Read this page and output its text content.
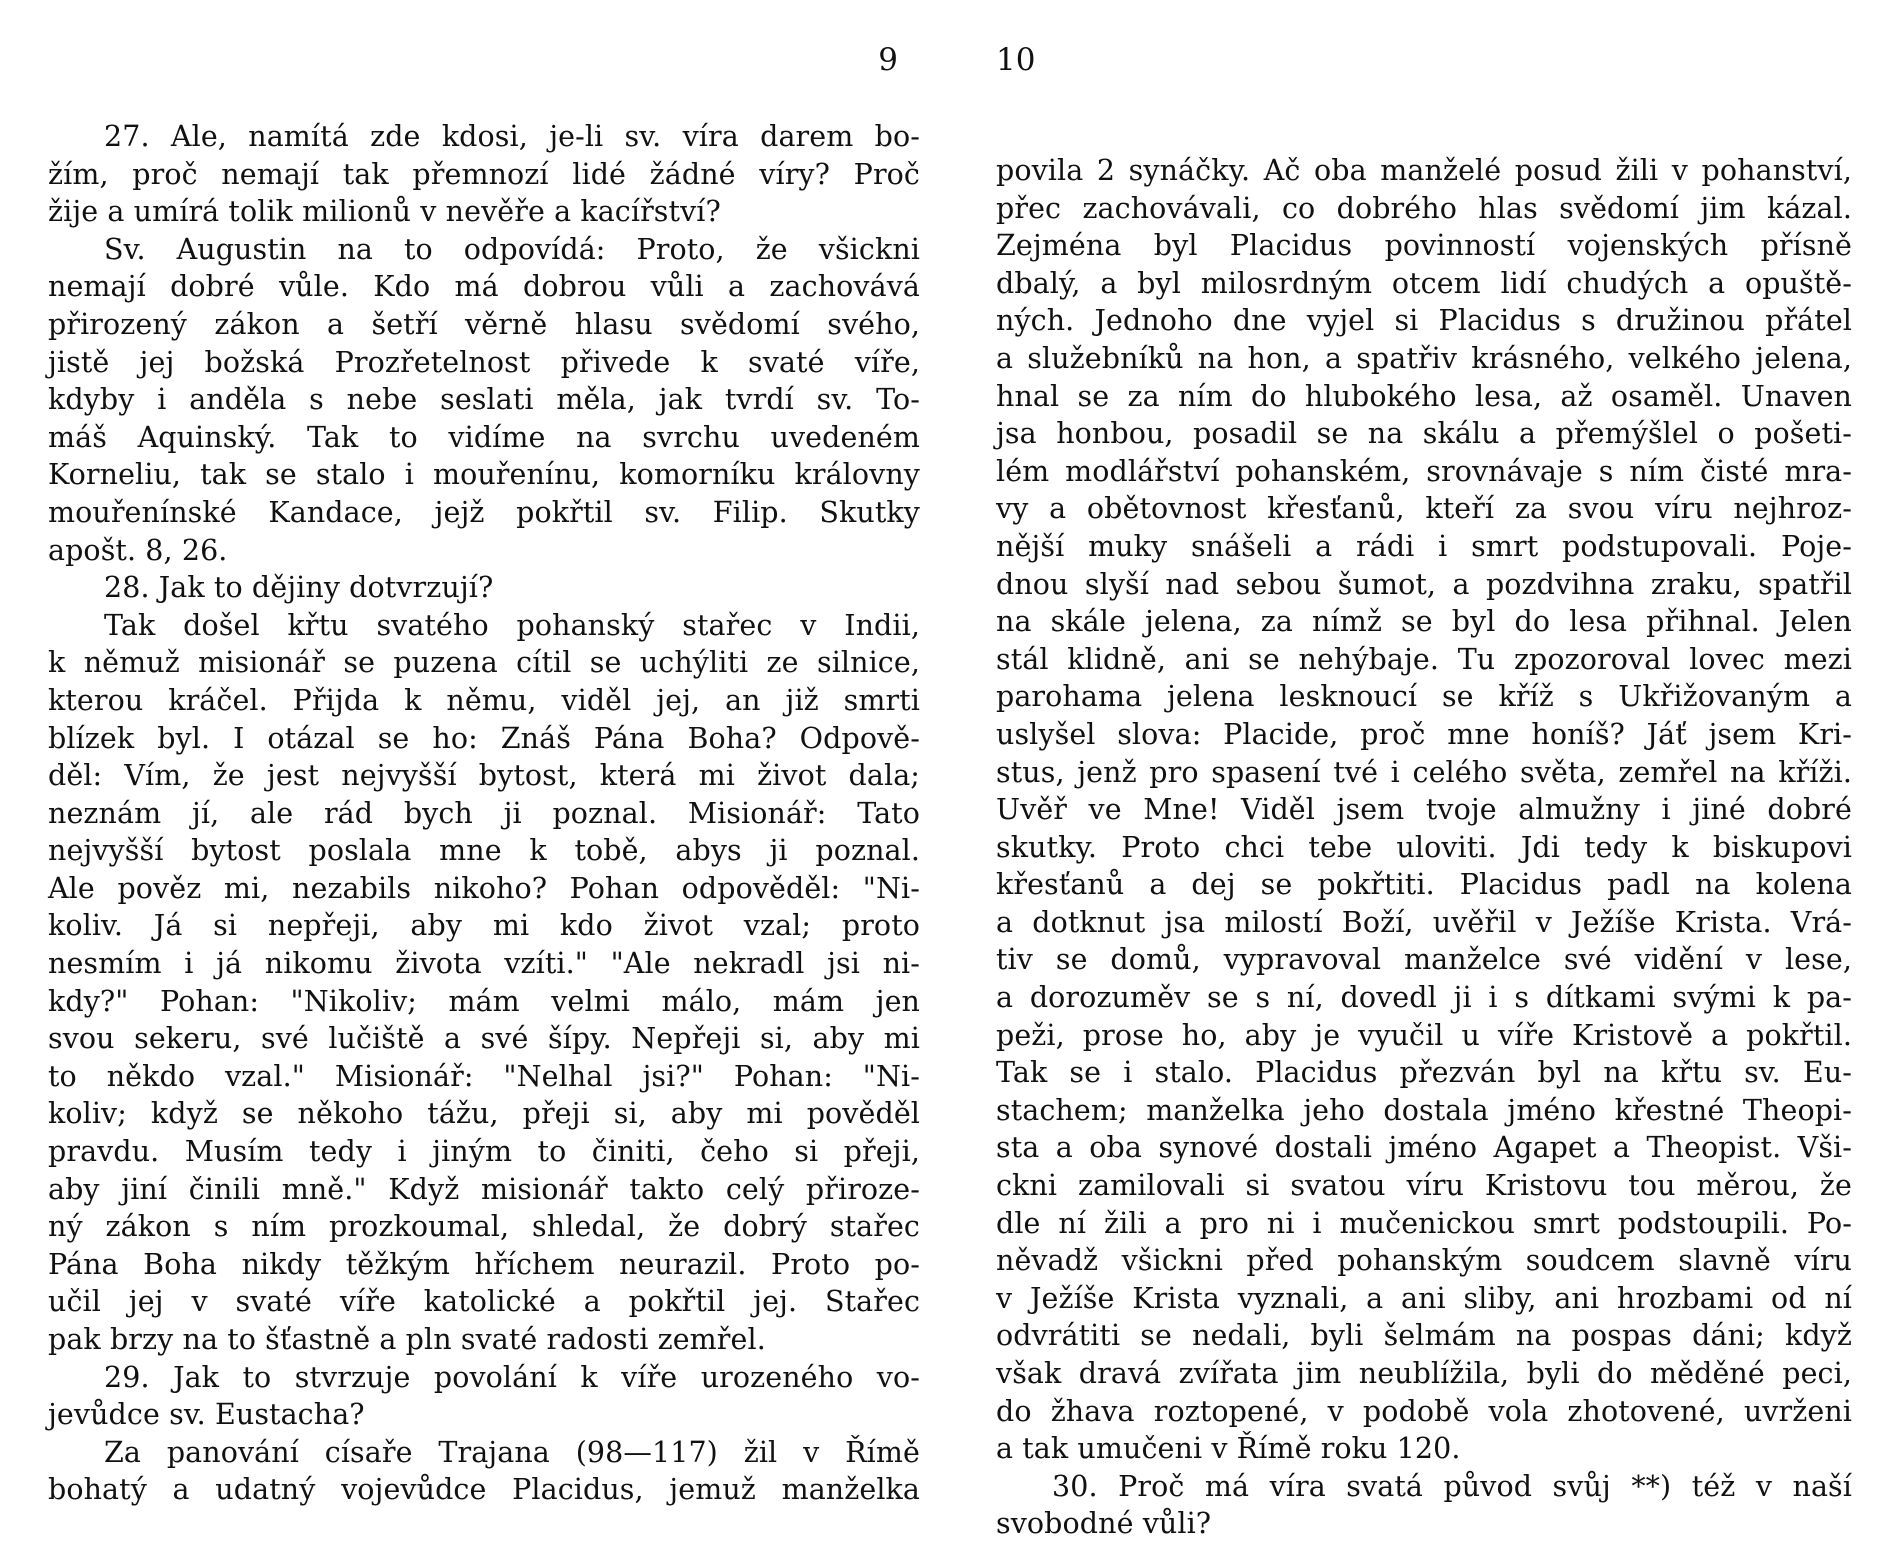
9
27. Ale, namítá zde kdosi, je-li sv. víra darem bo-
žím, proč nemají tak přemnozí lidé žádné víry? Proč
žije a umírá tolik milionů v nevěře a kacířství?
Sv. Augustin na to odpovídá: Proto, že všickni
nemají dobré vůle. Kdo má dobrou vůli a zachovává
přirozený zákon a šetří věrně hlasu svědomí svého,
jistě jej božská Prozřetelnost přivede k svaté víře,
kdyby i anděla s nebe seslati měla, jak tvrdí sv. To-
máš Aquinský. Tak to vidíme na svrchu uvedeném
Korneliu, tak se stalo i mouřenínu, komorníku královny
mouřenínské Kandace, jejž pokřtil sv. Filip. Skutky
apošt. 8, 26.
28. Jak to dějiny dotvrzují?
Tak došel křtu svatého pohanský stařec v Indii,
k němuž misionář se puzena cítil se uchýliti ze silnice,
kterou kráčel. Přijda k němu, viděl jej, an již smrti
blízek byl. I otázal se ho: Znáš Pána Boha? Odpově-
děl: Vím, že jest nejvyšší bytost, která mi život dala;
neznám jí, ale rád bych ji poznal. Misionář: Tato
nejvyšší bytost poslala mne k tobě, abys ji poznal.
Ale pověz mi, nezabils nikoho? Pohan odpověděl: "Ni-
koliv. Já si nepřeji, aby mi kdo život vzal; proto
nesmím i já nikomu života vzíti." "Ale nekradl jsi ni-
kdy?" Pohan: "Nikoliv; mám velmi málo, mám jen
svou sekeru, své lučiště a své šípy. Nepřeji si, aby mi
to někdo vzal." Misionář: "Nelhal jsi?" Pohan: "Ni-
koliv; když se někoho tážu, přeji si, aby mi pověděl
pravdu. Musím tedy i jiným to činiti, čeho si přeji,
aby jiní činili mně." Když misionář takto celý přiroze-
ný zákon s ním prozkoumal, shledal, že dobrý stařec
Pána Boha nikdy těžkým hříchem neurazil. Proto po-
učil jej v svaté víře katolické a pokřtil jej. Stařec
pak brzy na to šťastně a pln svaté radosti zemřel.
29. Jak to stvrzuje povolání k víře urozeného vo-
jevůdce sv. Eustacha?
Za panování císaře Trajana (98—117) žil v Římě
bohatý a udatný vojevůdce Placidus, jemuž manželka
10
povila 2 synáčky. Ač oba manželé posud žili v pohanství,
přec zachovávali, co dobrého hlas svědomí jim kázal.
Zejména byl Placidus povinností vojenských přísně
dbalý, a byl milosrdným otcem lidí chudých a opuště-
ných. Jednoho dne vyjel si Placidus s družinou přátel
a služebníků na hon, a spatřiv krásného, velkého jelena,
hnal se za ním do hlubokého lesa, až osaměl. Unaven
jsa honbou, posadil se na skálu a přemýšlel o pošeti-
lém modlářství pohanském, srovnávaje s ním čisté mra-
vy a obětovnost křesťanů, kteří za svou víru nejhroz-
nější muky snášeli a rádi i smrt podstupovali. Poje-
dnou slyší nad sebou šumot, a pozdvihna zraku, spatřil
na skále jelena, za nímž se byl do lesa přihnal. Jelen
stál klidně, ani se nehýbaje. Tu zpozoroval lovec mezi
parohama jelena lesknoucí se kříž s Ukřižovaným a
uslyšel slova: Placide, proč mne honíš? Jáť jsem Kri-
stus, jenž pro spasení tvé i celého světa, zemřel na kříži.
Uvěř ve Mne! Viděl jsem tvoje almužny i jiné dobré
skutky. Proto chci tebe uloviti. Jdi tedy k biskupovi
křesťanů a dej se pokřtiti. Placidus padl na kolena
a dotknut jsa milostí Boží, uvěřil v Ježíše Krista. Vrá-
tiv se domů, vypravoval manželce své vidění v lese,
a dorozuměv se s ní, dovedl ji i s dítkami svými k pa-
peži, prose ho, aby je vyučil u víře Kristově a pokřtil.
Tak se i stalo. Placidus přezván byl na křtu sv. Eu-
stachem; manželka jeho dostala jméno křestné Theopi-
sta a oba synové dostali jméno Agapet a Theopist. Vši-
ckni zamilovali si svatou víru Kristovu tou měrou, že
dle ní žili a pro ni i mučenickou smrt podstoupili. Po-
něvadž všickni před pohanským soudcem slavně víru
v Ježíše Krista vyznali, a ani sliby, ani hrozbami od ní
odvrátiti se nedali, byli šelmám na pospas dáni; když
však dravá zvířata jim neublížila, byli do měděné peci,
do žhava roztopené, v podobě vola zhotovené, uvrženi
a tak umučeni v Římě roku 120.
30. Proč má víra svatá původ svůj **) též v naší
svobodné vůli?
